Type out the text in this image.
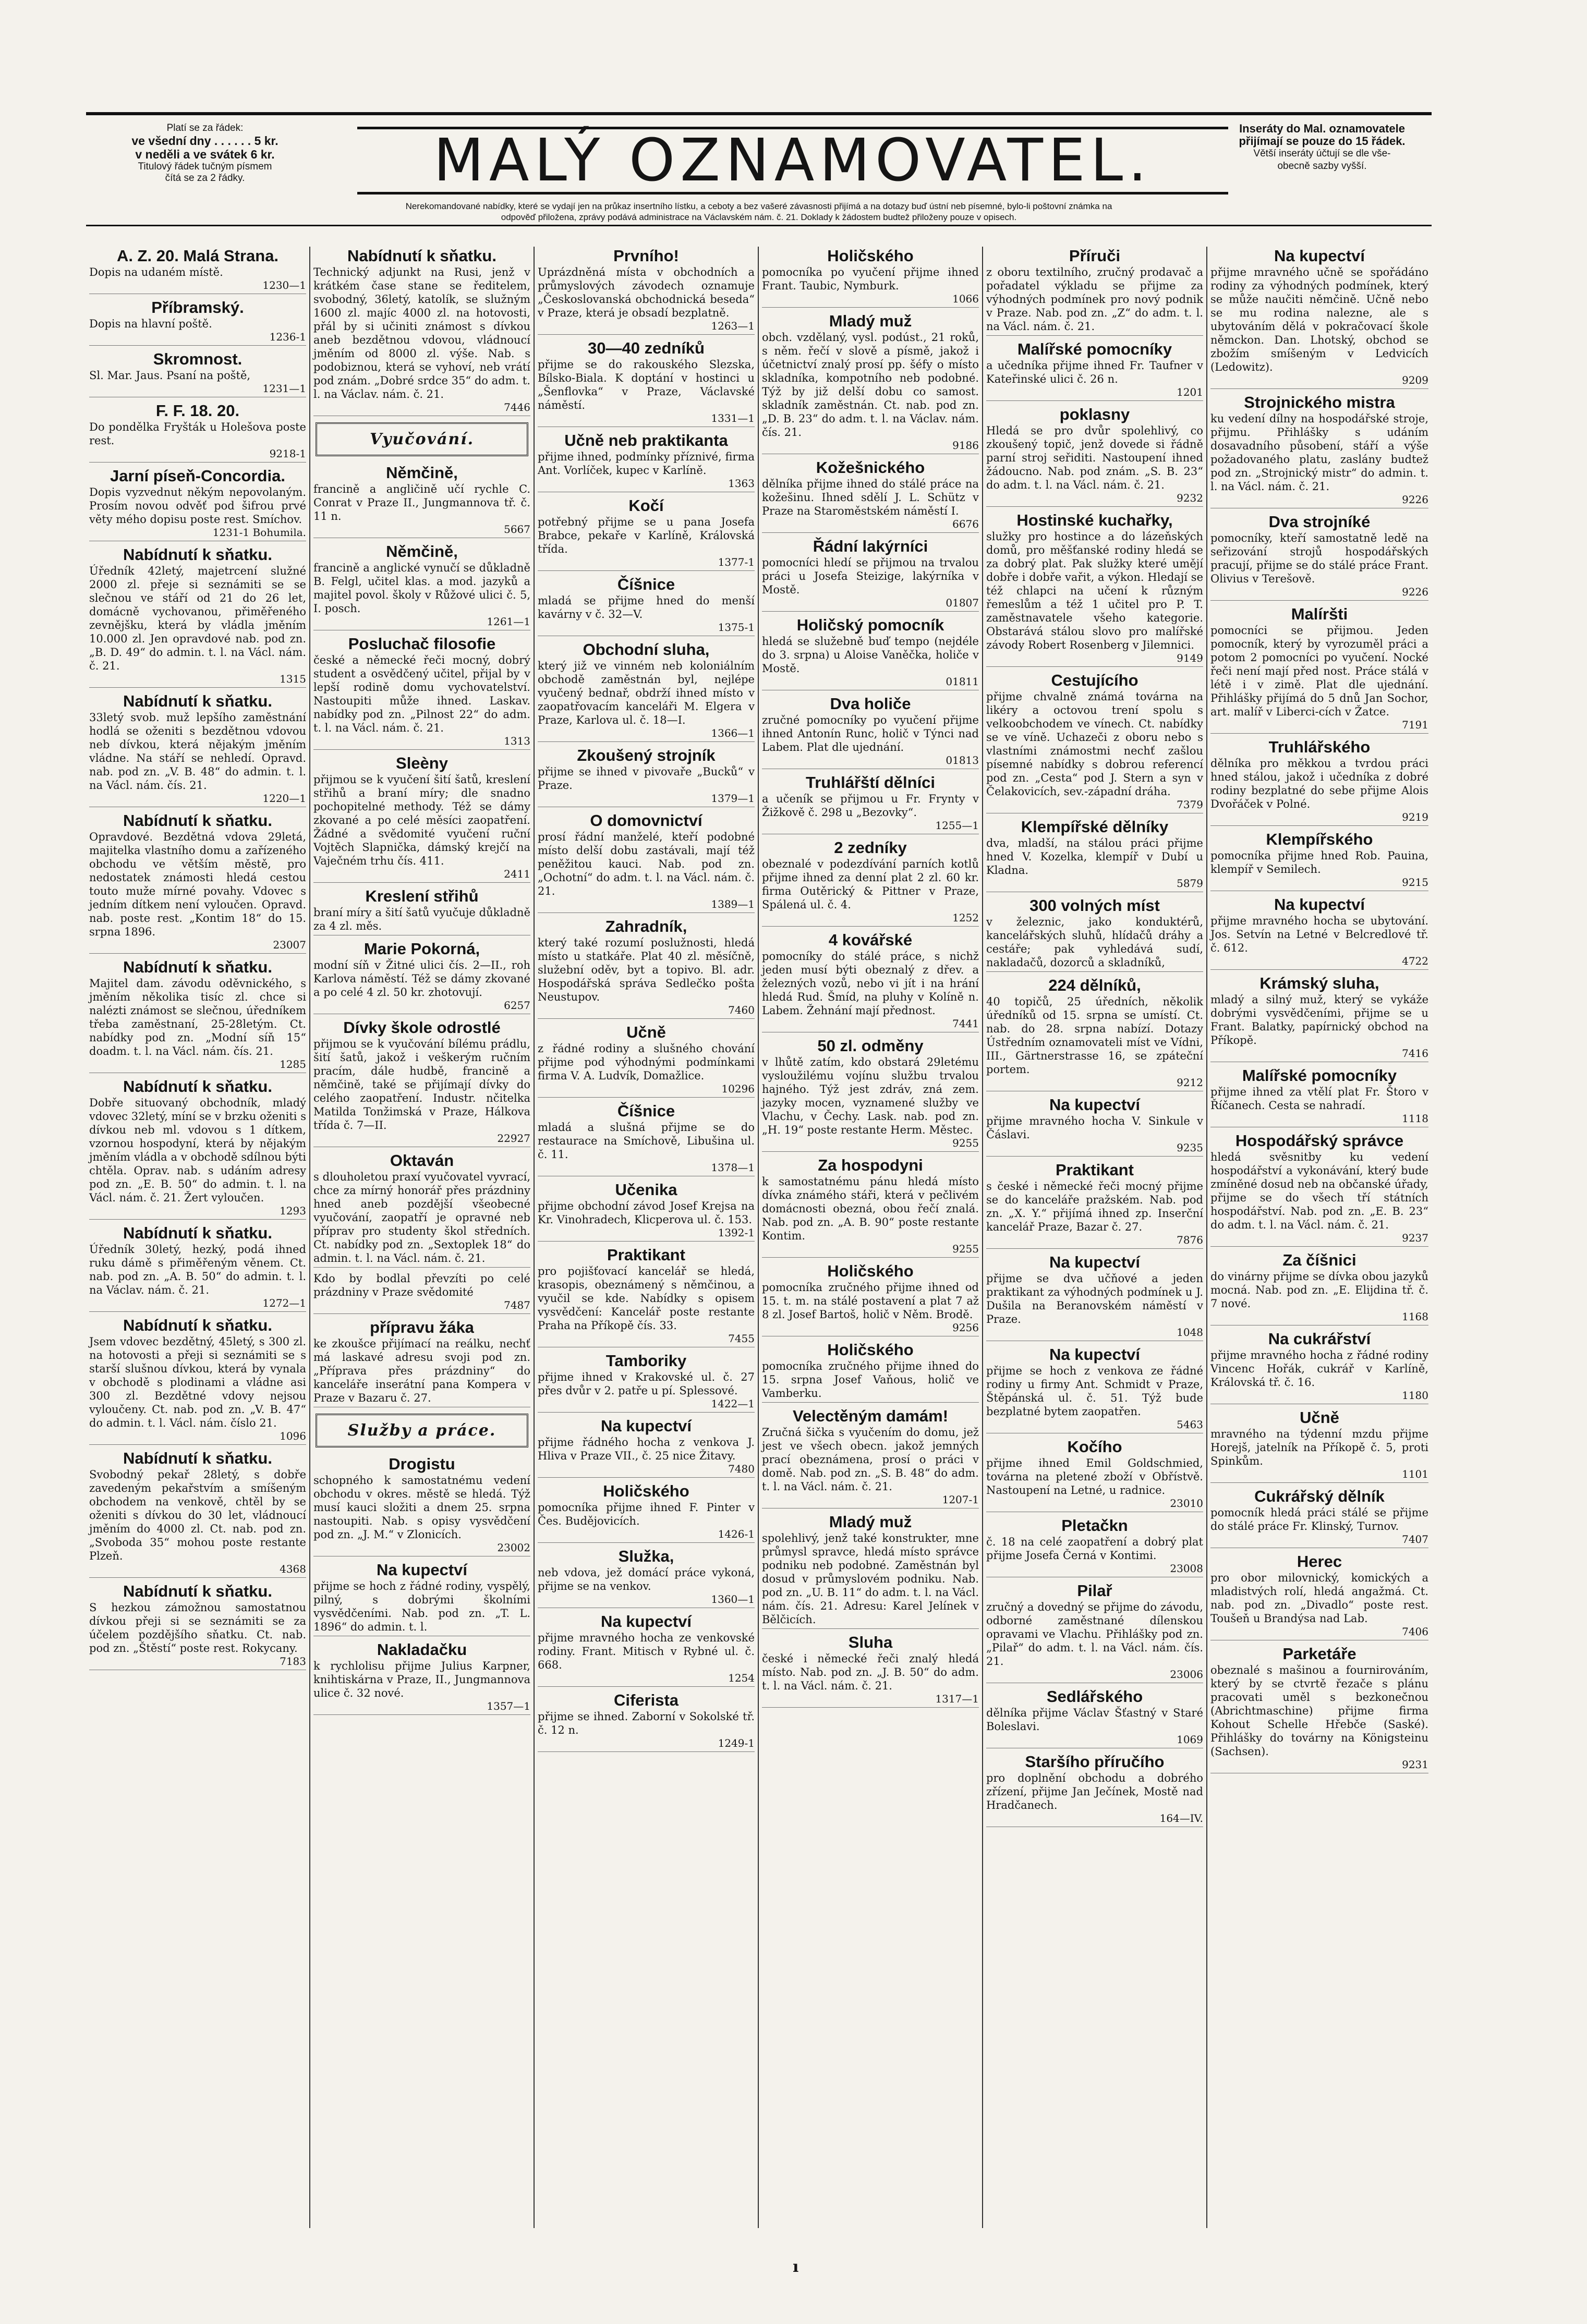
Platí se za řádek:
ve všední dny . . . . . . 5 kr.
v neděli a ve svátek 6 kr.
Titulový řádek tučným písmem
čítá se za 2 řádky.	MALÝ OZNAMOVATEL.	Inseráty do Mal. oznamovatele
přijímají se pouze do 15 řádek.
Větší inseráty účtují se dle vše-
obecně sazby vyšší.
Nerekomandované nabídky, které se vydají jen na průkaz insertního lístku, a ceboty a bez vašeré závasnosti přijímá a na dotazy buď ústní neb písemné, bylo-li poštovní známka na
odpověď přiložena, zprávy podává administrace na Václavském nám. č. 21. Doklady k žádostem budtež přiloženy pouze v opisech.
A. Z. 20. Malá Strana.
Dopis na udaném místě.
1230—1
Příbramský.
Dopis na hlavní poště.
1236-1
Skromnost.
Sl. Mar. Jaus. Psaní na poště,
1231—1
F. F. 18. 20.
Do pondělka Fryšták u Holešova poste rest.
9218-1
Jarní píseň-Concordia.
Dopis vyzvednut někým nepovolaným. Prosím novou odvěť pod šifrou prvé věty mého dopisu poste rest. Smíchov.
1231-1 Bohumila.
Nabídnutí k sňatku.
Úředník 42letý, majetrcení služné 2000 zl. přeje si seznámiti se se slečnou ve stáří od 21 do 26 let, domácně vychovanou, přiměřeného zevnějšku, která by vládla jměním 10.000 zl. Jen opravdové nab. pod zn. „B. D. 49“ do admin. t. l. na Václ. nám. č. 21.
1315
Nabídnutí k sňatku.
33letý svob. muž lepšího zaměstnání hodlá se oženiti s bezdětnou vdovou neb dívkou, která nějakým jměním vládne. Na stáří se nehledí. Opravd. nab. pod zn. „V. B. 48“ do admin. t. l. na Václ. nám. čís. 21.
1220—1
Nabídnutí k sňatku.
Opravdové. Bezdětná vdova 29letá, majitelka vlastního domu a zařízeného obchodu ve větším městě, pro nedostatek známosti hledá cestou touto muže mírné povahy. Vdovec s jedním dítkem není vyloučen. Opravd. nab. poste rest. „Kontim 18“ do 15. srpna 1896.
23007
Nabídnutí k sňatku.
Majitel dam. závodu oděvnického, s jměním několika tisíc zl. chce si nalézti známost se slečnou, úředníkem třeba zaměstnaní, 25-28letým. Ct. nabídky pod zn. „Modní síň 15“ doadm. t. l. na Václ. nám. čís. 21.
1285
Nabídnutí k sňatku.
Dobře situovaný obchodník, mladý vdovec 32letý, míní se v brzku oženiti s dívkou neb ml. vdovou s 1 dítkem, vzornou hospodyní, která by nějakým jměním vládla a v obchodě sdílnou býti chtěla. Oprav. nab. s udáním adresy pod zn. „E. B. 50“ do admin. t. l. na Václ. nám. č. 21. Žert vyloučen.
1293
Nabídnutí k sňatku.
Úředník 30letý, hezký, podá ihned ruku dámě s přiměřeným věnem. Ct. nab. pod zn. „A. B. 50“ do admin. t. l. na Václav. nám. č. 21.
1272—1
Nabídnutí k sňatku.
Jsem vdovec bezdětný, 45letý, s 300 zl. na hotovosti a přeji si seznámiti se s starší slušnou dívkou, která by vynala v obchodě s plodinami a vládne asi 300 zl. Bezdětné vdovy nejsou vyloučeny. Ct. nab. pod zn. „V. B. 47“ do admin. t. l. Václ. nám. číslo 21.
1096
Nabídnutí k sňatku.
Svobodný pekař 28letý, s dobře zavedeným pekařstvím a smíšeným obchodem na venkově, chtěl by se oženiti s dívkou do 30 let, vládnoucí jměním do 4000 zl. Ct. nab. pod zn. „Svoboda 35“ mohou poste restante Plzeň.
4368
Nabídnutí k sňatku.
S hezkou zámožnou samostatnou dívkou přeji si se seznámiti se za účelem pozdějšího sňatku. Ct. nab. pod zn. „Štěstí“ poste rest. Rokycany.
7183
Nabídnutí k sňatku.
Technický adjunkt na Rusi, jenž v krátkém čase stane se ředitelem, svobodný, 36letý, katolík, se služným 1600 zl. majíc 4000 zl. na hotovosti, přál by si učiniti známost s dívkou aneb bezdětnou vdovou, vládnoucí jměním od 8000 zl. výše. Nab. s podobiznou, která se vyhoví, neb vrátí pod znám. „Dobré srdce 35“ do adm. t. l. na Václav. nám. č. 21.
7446
Vyučování.
Němčině,
francině a angličině učí rychle C. Conrat v Praze II., Jungmannova tř. č. 11 n.
5667
Němčině,
francině a anglické vynučí se důkladně B. Felgl, učitel klas. a mod. jazyků a majitel povol. školy v Růžové ulici č. 5, I. posch.
1261—1
Posluchač filosofie
české a německé řeči mocný, dobrý student a osvědčený učitel, přijal by v lepší rodině domu vychovatelství. Nastoupiti může ihned. Laskav. nabídky pod zn. „Pilnost 22“ do adm. t. l. na Václ. nám. č. 21.
1313
Sleèny
přijmou se k vyučení šití šatů, kreslení střihů a braní míry; dle snadno pochopitelné methody. Též se dámy zkované a po celé měsíci zaopatření. Žádné a svědomité vyučení ruční Vojtěch Slapnička, dámský krejčí na Vaječném trhu čís. 411.
2411
Kreslení střihů
braní míry a šití šatů vyučuje důkladně za 4 zl. měs.
Marie Pokorná,
modní síň v Žitné ulici čís. 2—II., roh Karlova náměstí. Též se dámy zkované a po celé 4 zl. 50 kr. zhotovují.
6257
Dívky škole odrostlé
přijmou se k vyučování bílému prádlu, šití šatů, jakož i veškerým ručním pracím, dále hudbě, francině a němčině, také se přijímají dívky do celého zaopatření. Industr. nčitelka Matilda Tonžimská v Praze, Hálkova třída č. 7—II.
22927
Oktaván
s dlouholetou praxí vyučovatel vyvrací, chce za mírný honorář přes prázdniny hned aneb pozdější všeobecné vyučování, zaopatří je opravné neb příprav pro studenty škol středních. Ct. nabídky pod zn. „Sextoplek 18“ do admin. t. l. na Václ. nám. č. 21.
Kdo by bodlal převzíti po celé prázdniny v Praze svědomité
7487
přípravu žáka
ke zkoušce přijímací na reálku, nechť má laskavé adresu svoji pod zn. „Příprava přes prázdniny“ do kanceláře inserátní pana Kompera v Praze v Bazaru č. 27.
Služby a práce.
Drogistu
schopného k samostatnému vedení obchodu v okres. městě se hledá. Týž musí kauci složiti a dnem 25. srpna nastoupiti. Nab. s opisy vysvědčení pod zn. „J. M.“ v Zlonicích.
23002
Na kupectví
přijme se hoch z řádné rodiny, vyspělý, pilný, s dobrými školními vysvědčeními. Nab. pod zn. „T. L. 1896“ do admin. t. l.
Nakladačku
k rychlolisu přijme Julius Karpner, knihtiskárna v Praze, II., Jungmannova ulice č. 32 nové.
1357—1
Prvního!
Uprázdněná místa v obchodních a průmyslových závodech oznamuje „Českoslovanská obchodnická beseda“ v Praze, která je obsadí bezplatně.
1263—1
30—40 zedníků
přijme se do rakouského Slezska, Bílsko-Biala. K doptání v hostinci u „Šenflovka“ v Praze, Václavské náměstí.
1331—1
Učně neb praktikanta
přijme ihned, podmínky příznivé, firma Ant. Vorlíček, kupec v Karlíně.
1363
Kočí
potřebný přijme se u pana Josefa Brabce, pekaře v Karlíně, Královská třída.
1377-1
Číšnice
mladá se přijme hned do menší kavárny v č. 32—V.
1375-1
Obchodní sluha,
který již ve vinném neb koloniálním obchodě zaměstnán byl, nejlépe vyučený bednař, obdrží ihned místo v zaopatřovacím kanceláři M. Elgera v Praze, Karlova ul. č. 18—I.
1366—1
Zkoušený strojník
přijme se ihned v pivovaře „Bucků“ v Praze.
1379—1
O domovnictví
prosí řádní manželé, kteří podobné místo delší dobu zastávali, mají též peněžitou kauci. Nab. pod zn. „Ochotní“ do adm. t. l. na Václ. nám. č. 21.
1389—1
Zahradník,
který také rozumí poslužnosti, hledá místo u statkáře. Plat 40 zl. měsíčně, služební oděv, byt a topivo. Bl. adr. Hospodářská správa Sedlečko pošta Neustupov.
7460
Učně
z řádné rodiny a slušného chování přijme pod výhodnými podmínkami firma V. A. Ludvík, Domažlice.
10296
Číšnice
mladá a slušná přijme se do restaurace na Smíchově, Libušina ul. č. 11.
1378—1
Učenika
přijme obchodní závod Josef Krejsa na Kr. Vinohradech, Klicperova ul. č. 153.
1392-1
Praktikant
pro pojišťovací kancelář se hledá, krasopis, obeznámený s němčinou, a vyučil se kde. Nabídky s opisem vysvědčení: Kancelář poste restante Praha na Příkopě čís. 33.
7455
Tamboriky
přijme ihned v Krakovské ul. č. 27 přes dvůr v 2. patře u pí. Splessové.
1422—1
Na kupectví
přijme řádného hocha z venkova J. Hliva v Praze VII., č. 25 nice Žitavy.
7480
Holičského
pomocníka přijme ihned F. Pinter v Čes. Budějovicích.
1426-1
Služka,
neb vdova, jež domácí práce vykoná, přijme se na venkov.
1360—1
Na kupectví
přijme mravného hocha ze venkovské rodiny. Frant. Mitisch v Rybné ul. č. 668.
1254
Ciferista
přijme se ihned. Zaborní v Sokolské tř. č. 12 n.
1249-1
Holičského
pomocníka po vyučení přijme ihned Frant. Taubic, Nymburk.
1066
Mladý muž
obch. vzdělaný, vysl. podúst., 21 roků, s něm. řečí v slově a písmě, jakož i účetnictví znalý prosí pp. šéfy o místo skladníka, kompotního neb podobné. Týž by již delší dobu co samost. skladník zaměstnán. Ct. nab. pod zn. „D. B. 23“ do adm. t. l. na Václav. nám. čís. 21.
9186
Kožešnického
dělníka přijme ihned do stálé práce na kožešinu. Ihned sdělí J. L. Schütz v Praze na Staroměstském náměstí I.
6676
Řádní lakýrníci
pomocníci hledí se přijmou na trvalou práci u Josefa Steizige, lakýrníka v Mostě.
01807
Holičský pomocník
hledá se služebně buď tempo (nejdéle do 3. srpna) u Aloise Vaněčka, holiče v Mostě.
01811
Dva holiče
zručné pomocníky po vyučení přijme ihned Antonín Runc, holič v Týnci nad Labem. Plat dle ujednání.
01813
Truhlářští dělníci
a učeník se přijmou u Fr. Frynty v Žižkově č. 298 u „Bezovky“.
1255—1
2 zedníky
obeznalé v podezdívání parních kotlů přijme ihned za denní plat 2 zl. 60 kr. firma Outěrický & Pittner v Praze, Spálená ul. č. 4.
1252
4 kovářské
pomocníky do stálé práce, s nichž jeden musí býti obeznalý z dřev. a železných vozů, nebo vi jít i na hrání hledá Rud. Šmíd, na pluhy v Kolíně n. Labem. Žehnání mají přednost.
7441
50 zl. odměny
v lhůtě zatím, kdo obstará 29letému vysloužilému vojínu službu trvalou hajného. Týž jest zdráv, zná zem. jazyky mocen, vyznamené služby ve Vlachu, v Čechy. Lask. nab. pod zn. „H. 19“ poste restante Herm. Městec.
9255
Za hospodyni
k samostatnému pánu hledá místo dívka známého stáři, která v pečlivém domácnosti obezná, obou řečí znalá. Nab. pod zn. „A. B. 90“ poste restante Kontim.
9255
Holičského
pomocníka zručného přijme ihned od 15. t. m. na stálé postavení a plat 7 až 8 zl. Josef Bartoš, holič v Něm. Brodě.
9256
Holičského
pomocníka zručného přijme ihned do 15. srpna Josef Vaňous, holič ve Vamberku.
Velectěným damám!
Zručná šička s vyučením do domu, jež jest ve všech obecn. jakož jemných prací obeznámena, prosí o práci v domě. Nab. pod zn. „S. B. 48“ do adm. t. l. na Václ. nám. č. 21.
1207-1
Mladý muž
spolehlivý, jenž také konstrukter, mne průmysl spravce, hledá místo správce podniku neb podobné. Zaměstnán byl dosud v průmyslovém podniku. Nab. pod zn. „U. B. 11“ do adm. t. l. na Václ. nám. čís. 21. Adresu: Karel Jelínek v Bělčicích.
Sluha
české i německé řeči znalý hledá místo. Nab. pod zn. „J. B. 50“ do adm. t. l. na Václ. nám. č. 21.
1317—1
Příruči
z oboru textilního, zručný prodavač a pořadatel výkladu se přijme za výhodných podmínek pro nový podnik v Praze. Nab. pod zn. „Z“ do adm. t. l. na Václ. nám. č. 21.
Malířské pomocníky
a učedníka přijme ihned Fr. Taufner v Kateřinské ulici č. 26 n.
1201
poklasny
Hledá se pro dvůr spolehlivý, co zkoušený topič, jenž dovede si řádně parní stroj seřiditi. Nastoupení ihned žádoucno. Nab. pod znám. „S. B. 23“ do adm. t. l. na Václ. nám. č. 21.
9232
Hostinské kuchařky,
služky pro hostince a do lázeňských domů, pro měšťanské rodiny hledá se za dobrý plat. Pak služky které umějí dobře i dobře vařit, a výkon. Hledají se též chlapci na učení k různým řemeslům a též 1 učitel pro P. T. zaměstnavatele všeho kategorie. Obstarává stálou slovo pro malířské závody Robert Rosenberg v Jilemnici.
9149
Cestujícího
přijme chvalně známá továrna na likéry a octovou trení spolu s velkoobchodem ve vínech. Ct. nabídky se ve víně. Uchazeči z oboru nebo s vlastními známostmi nechť zašlou písemné nabídky s dobrou referencí pod zn. „Cesta“ pod J. Stern a syn v Čelakovicích, sev.-západní dráha.
7379
Klempířské dělníky
dva, mladší, na stálou práci přijme hned V. Kozelka, klempíř v Dubí u Kladna.
5879
300 volných míst
v železnic, jako konduktérů, kancelářských sluhů, hlídačů dráhy a cestáře; pak vyhledává sudí, nakladačů, dozorců a skladníků,
224 dělníků,
40 topičů, 25 úředních, několik úředníků od 15. srpna se umístí. Ct. nab. do 28. srpna nabízí. Dotazy Ústředním oznamovateli míst ve Vídni, III., Gärtnerstrasse 16, se zpáteční portem.
9212
Na kupectví
přijme mravného hocha V. Sinkule v Čáslavi.
9235
Praktikant
s české i německé řeči mocný přijme se do kanceláře pražském. Nab. pod zn. „X. Y.“ přijímá ihned zp. Inserční kancelář Praze, Bazar č. 27.
7876
Na kupectví
přijme se dva učňové a jeden praktikant za výhodných podmínek u J. Dušila na Beranovském náměstí v Praze.
1048
Na kupectví
přijme se hoch z venkova ze řádné rodiny u firmy Ant. Schmidt v Praze, Štěpánská ul. č. 51. Týž bude bezplatné bytem zaopatřen.
5463
Kočího
přijme ihned Emil Goldschmied, továrna na pletené zboží v Obřístvě. Nastoupení na Letné, u radnice.
23010
Pletačkn
č. 18 na celé zaopatření a dobrý plat přijme Josefa Černá v Kontimi.
23008
Pilař
zručný a dovedný se přijme do závodu, odborné zaměstnané dílenskou opravami ve Vlachu. Přihlášky pod zn. „Pilař“ do adm. t. l. na Václ. nám. čís. 21.
23006
Sedlářského
dělníka přijme Václav Šťastný v Staré Boleslavi.
1069
Staršího příručího
pro doplnění obchodu a dobrého zřízení, přijme Jan Ječínek, Mostě nad Hradčanech.
164—IV.
Na kupectví
přijme mravného učně se spořádáno rodiny za výhodných podmínek, který se může naučiti němčině. Učně nebo se mu rodina nalezne, ale s ubytováním dělá v pokračovací škole němckon. Dan. Lhotský, obchod se zbožím smíšeným v Ledvicích (Ledowitz).
9209
Strojnického mistra
ku vedení dílny na hospodářské stroje, přijmu. Přihlášky s udáním dosavadního působení, stáří a výše požadovaného platu, zaslány budtež pod zn. „Strojnický mistr“ do admin. t. l. na Václ. nám. č. 21.
9226
Dva strojníké
pomocníky, kteří samostatně ledě na seřizování strojů hospodářských pracují, přijme se do stálé práce Frant. Olivius v Terešově.
9226
Malíršti
pomocníci se přijmou. Jeden pomocník, který by vyrozuměl práci a potom 2 pomocníci po vyučení. Nocké řeči není mají před nost. Práce stálá v létě i v zimě. Plat dle ujednání. Přihlášky přijímá do 5 dnů Jan Sochor, art. malíř v Liberci-cích v Žatce.
7191
Truhlářského
dělníka pro měkkou a tvrdou práci hned stálou, jakož i učedníka z dobré rodiny bezplatné do sebe přijme Alois Dvořáček v Polné.
9219
Klempířského
pomocníka přijme hned Rob. Pauina, klempíř v Semilech.
9215
Na kupectví
přijme mravného hocha se ubytování. Jos. Setvín na Letné v Belcredlové tř. č. 612.
4722
Krámský sluha,
mladý a silný muž, který se vykáže dobrými vysvědčeními, přijme se u Frant. Balatky, papírnický obchod na Příkopě.
7416
Malířské pomocníky
přijme ihned za vtělí plat Fr. Štoro v Říčanech. Cesta se nahradí.
1118
Hospodářský správce
hledá svěsnitby ku vedení hospodářství a vykonávání, který bude zmíněné dosud neb na občanské úřady, přijme se do všech tří státních hospodářství. Nab. pod zn. „E. B. 23“ do adm. t. l. na Václ. nám. č. 21.
9237
Za číšnici
do vinárny přijme se dívka obou jazyků mocná. Nab. pod zn. „E. Elijdina tř. č. 7 nové.
1168
Na cukrářství
přijme mravného hocha z řádné rodiny Vincenc Hořák, cukrář v Karlíně, Královská tř. č. 16.
1180
Učně
mravného na týdenní mzdu přijme Horejš, jatelník na Příkopě č. 5, proti Spinkům.
1101
Cukrářský dělník
pomocník hledá práci stálé se přijme do stálé práce Fr. Klinský, Turnov.
7407
Herec
pro obor milovnický, komických a mladistvých rolí, hledá angažmá. Ct. nab. pod zn. „Divadlo“ poste rest. Toušeň u Brandýsa nad Lab.
7406
Parketáře
obeznalé s mašinou a fournirováním, který by se ctvrtě řezače s plánu pracovati uměl s bezkonečnou (Abrichtmaschine) přijme firma Kohout Schelle Hřebče (Saské). Přihlášky do továrny na Königsteinu (Sachsen).
9231
ı
